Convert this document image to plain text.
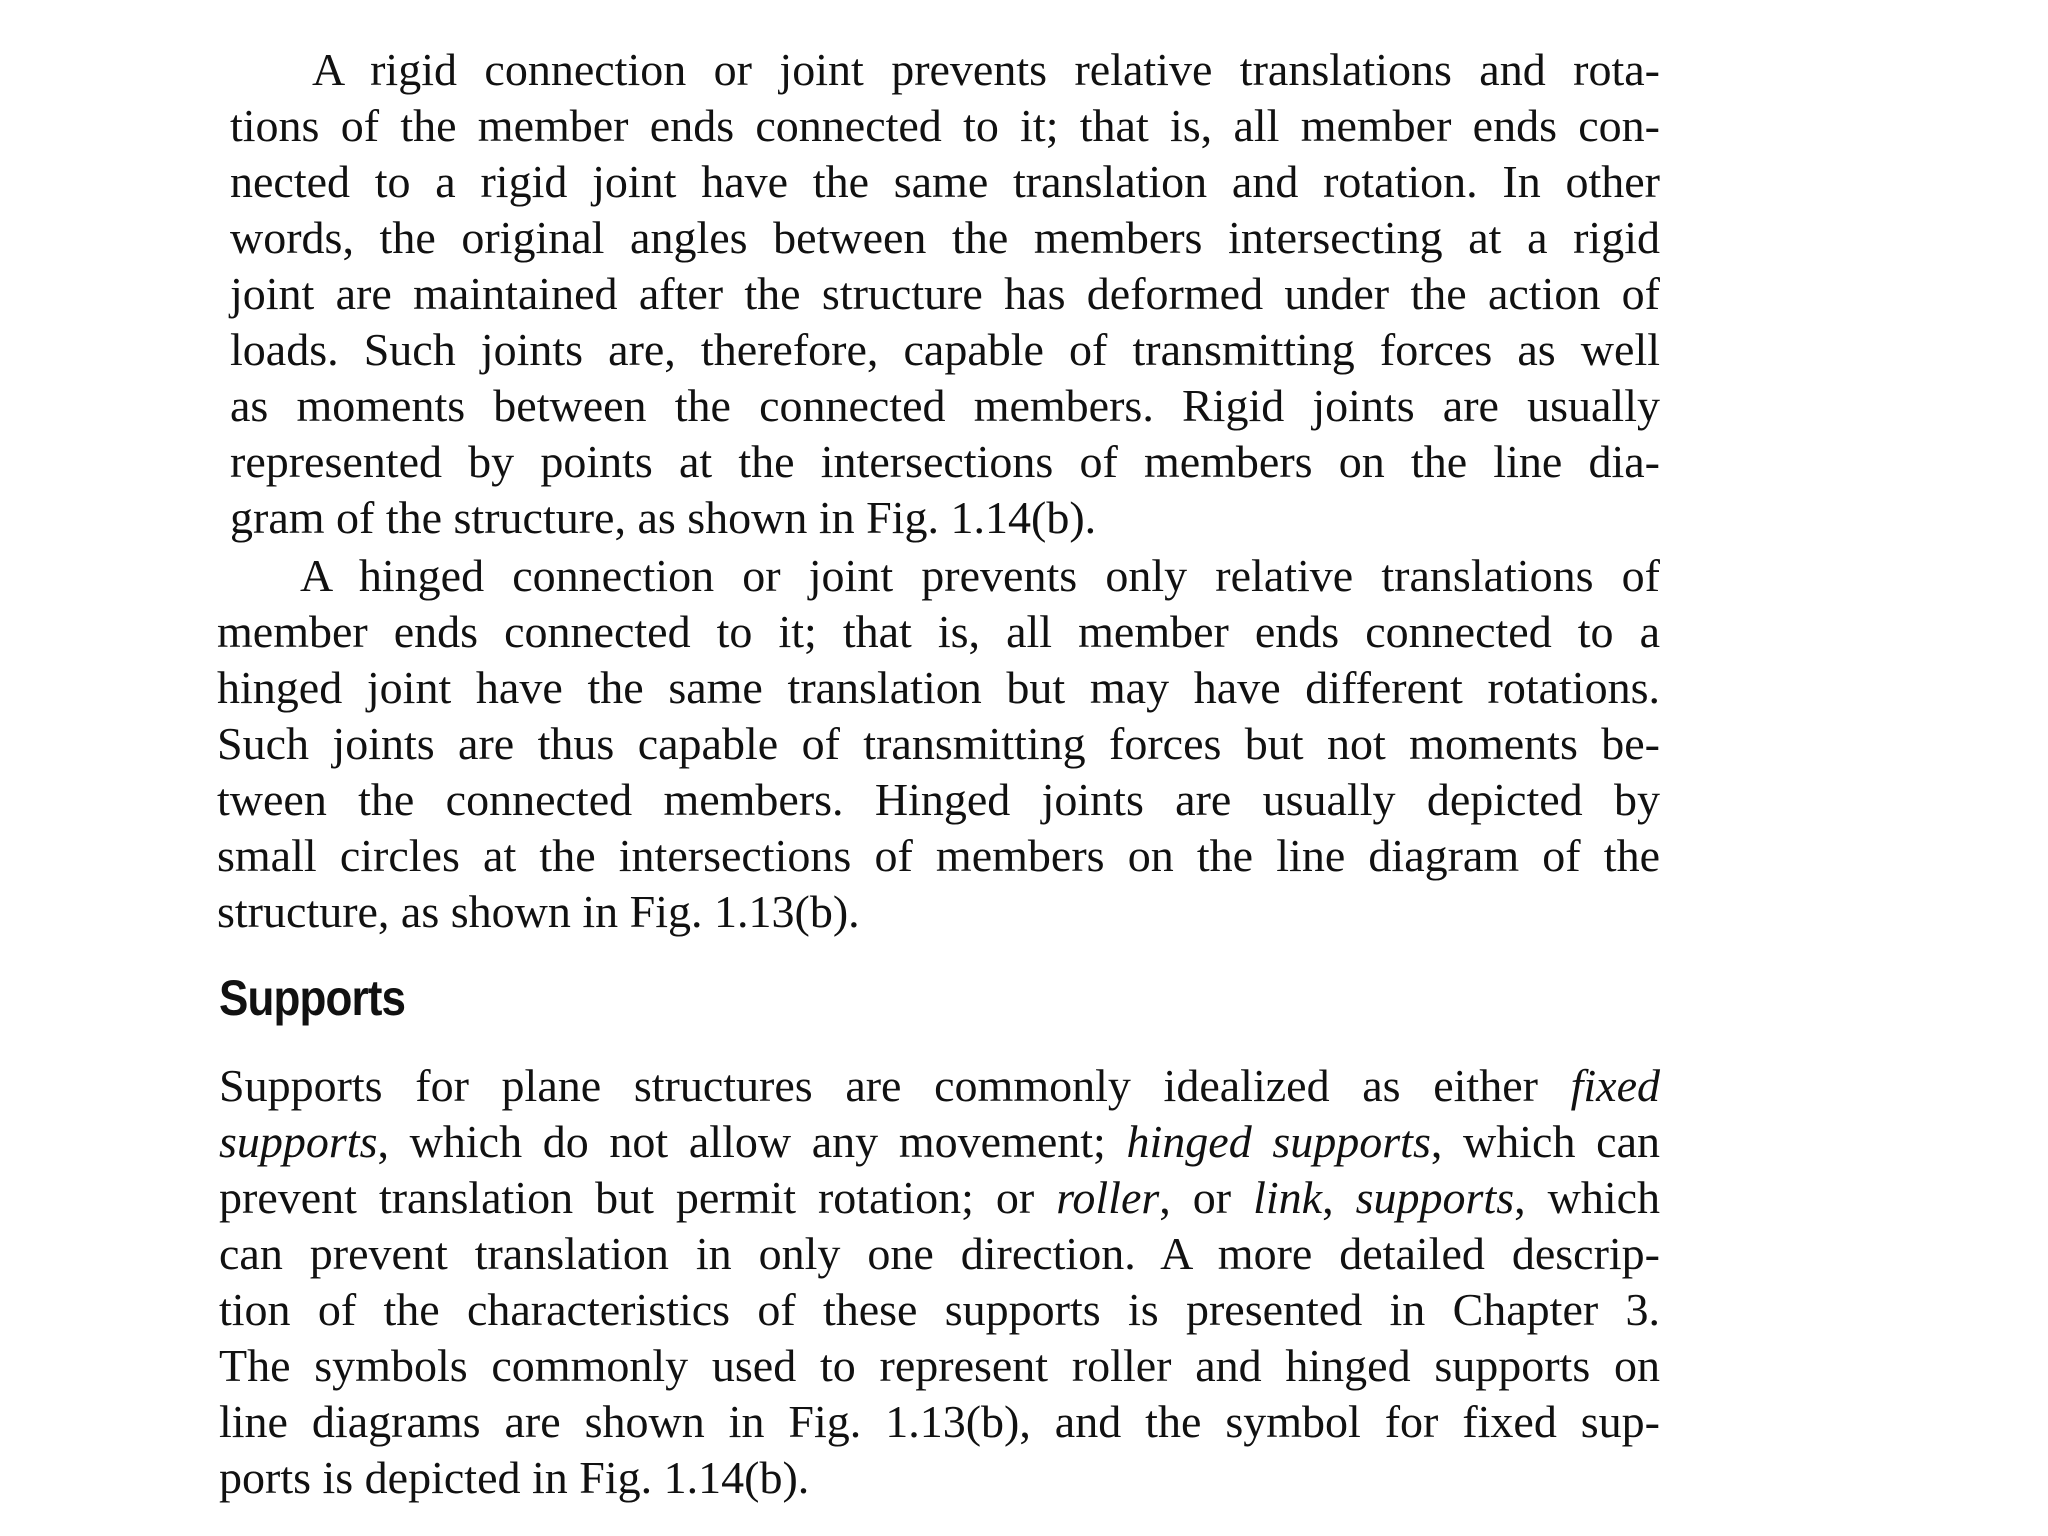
A rigid connection or joint prevents relative translations and rota-
tions of the member ends connected to it; that is, all member ends con-
nected to a rigid joint have the same translation and rotation. In other
words, the original angles between the members intersecting at a rigid
joint are maintained after the structure has deformed under the action of
loads. Such joints are, therefore, capable of transmitting forces as well
as moments between the connected members. Rigid joints are usually
represented by points at the intersections of members on the line dia-
gram of the structure, as shown in Fig. 1.14(b).
A hinged connection or joint prevents only relative translations of
member ends connected to it; that is, all member ends connected to a
hinged joint have the same translation but may have different rotations.
Such joints are thus capable of transmitting forces but not moments be-
tween the connected members. Hinged joints are usually depicted by
small circles at the intersections of members on the line diagram of the
structure, as shown in Fig. 1.13(b).
Supports
Supports for plane structures are commonly idealized as either fixed
supports, which do not allow any movement; hinged supports, which can
prevent translation but permit rotation; or roller, or link, supports, which
can prevent translation in only one direction. A more detailed descrip-
tion of the characteristics of these supports is presented in Chapter 3.
The symbols commonly used to represent roller and hinged supports on
line diagrams are shown in Fig. 1.13(b), and the symbol for fixed sup-
ports is depicted in Fig. 1.14(b).
